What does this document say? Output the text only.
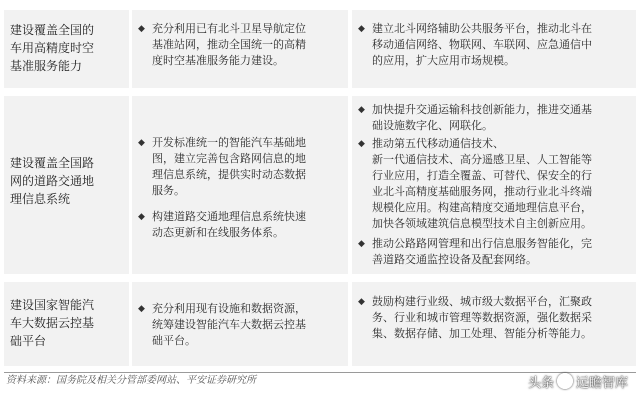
建设覆盖全国的
车用高精度时空
基准服务能力
◆ 充分利用已有北斗卫星导航定位
基准站网，推动全国统一的高精
度时空基准服务能力建设。
◆ 建立北斗网络辅助公共服务平台，推动北斗在
移动通信网络、物联网、车联网、应急通信中
的应用，扩大应用市场规模。
建设覆盖全国路
网的道路交通地
理信息系统
◆ 开发标准统一的智能汽车基础地
图，建立完善包含路网信息的地
理信息系统，提供实时动态数据
服务。
◆ 构建道路交通地理信息系统快速
动态更新和在线服务体系。
◆ 加快提升交通运输科技创新能力，推进交通基
础设施数字化、网联化。
◆ 推动第五代移动通信技术、
新一代通信技术、高分遥感卫星、人工智能等
行业应用，打造全覆盖、可替代、保安全的行
业北斗高精度基础服务网，推动行业北斗终端
规模化应用。构建高精度交通地理信息平台，
加快各领域建筑信息模型技术自主创新应用。
◆ 推动公路路网管理和出行信息服务智能化，完
善道路交通监控设备及配套网络。
建设国家智能汽
车大数据云控基
础平台
◆ 充分利用现有设施和数据资源，
统筹建设智能汽车大数据云控基
础平台。
◆ 鼓励构建行业级、城市级大数据平台，汇聚政
务、行业和城市管理等数据资源，强化数据采
集、数据存储、加工处理、智能分析等能力。
资料来源：国务院及相关分管部委网站、平安证券研究所	头条 远瞻智库
